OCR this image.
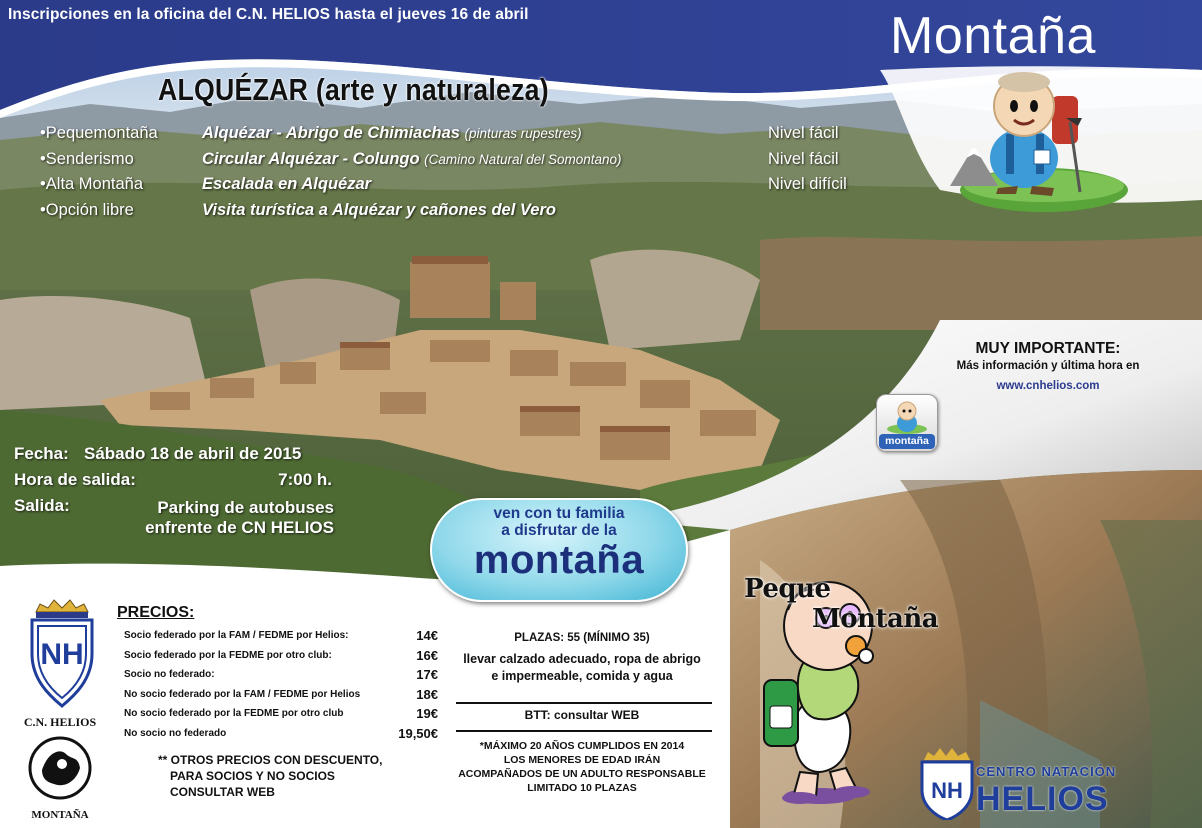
Inscripciones en la oficina del C.N. HELIOS hasta el jueves 16 de abril	Montaña
ALQUÉZAR (arte y naturaleza)
•Pequemontaña	Alquézar - Abrigo de Chimiachas (pinturas rupestres)	Nivel fácil
•Senderismo	Circular Alquézar - Colungo (Camino Natural del Somontano)	Nivel fácil
•Alta Montaña	Escalada en Alquézar	Nivel difícil
•Opción libre	Visita turística a Alquézar y cañones del Vero
MUY IMPORTANTE:
Más información y última hora en
www.cnhelios.com
montaña
Fecha: Sábado 18 de abril de 2015
Hora de salida:	7:00 h.
Salida:	Parking de autobuses
enfrente de CN HELIOS
ven con tu familia
a disfrutar de la
montaña
NH
C.N. HELIOS
MONTAÑA
PRECIOS:
Socio federado por la FAM / FEDME por Helios:	14€
Socio federado por la FEDME por otro club:	16€
Socio no federado:	17€
No socio federado por la FAM / FEDME por Helios	18€
No socio federado por la FEDME por otro club	19€
No socio no federado	19,50€
** OTROS PRECIOS CON DESCUENTO,
PARA SOCIOS Y NO SOCIOS
CONSULTAR WEB
PLAZAS: 55 (MÍNIMO 35)
llevar calzado adecuado, ropa de abrigo
e impermeable, comida y agua
BTT: consultar WEB
*MÁXIMO 20 AÑOS CUMPLIDOS EN 2014
LOS MENORES DE EDAD IRÁN
ACOMPAÑADOS DE UN ADULTO RESPONSABLE
LIMITADO 10 PLAZAS
Peque
Montaña
NH
CENTRO NATACIÓN
HELIOS
